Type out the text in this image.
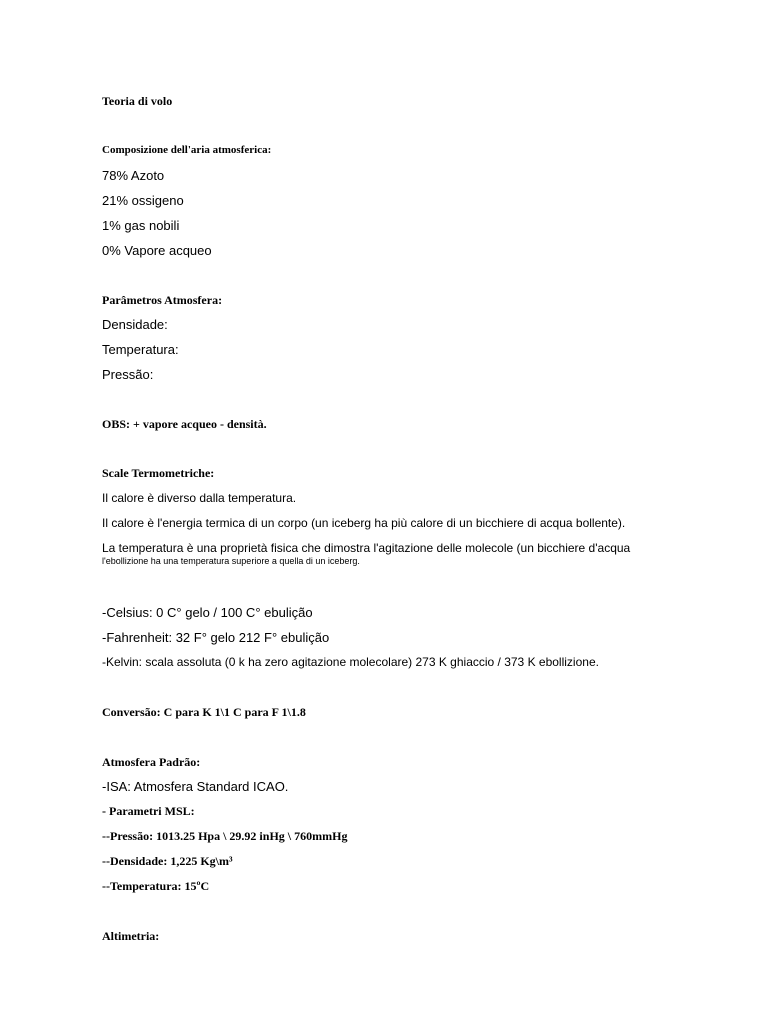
Teoria di volo
Composizione dell'aria atmosferica:
78% Azoto
21% ossigeno
1% gas nobili
0% Vapore acqueo
Parâmetros Atmosfera:
Densidade:
Temperatura:
Pressão:
OBS: + vapore acqueo - densità.
Scale Termometriche:
Il calore è diverso dalla temperatura.
Il calore è l'energia termica di un corpo (un iceberg ha più calore di un bicchiere di acqua bollente).
La temperatura è una proprietà fisica che dimostra l'agitazione delle molecole (un bicchiere d'acqua
l'ebollizione ha una temperatura superiore a quella di un iceberg.
-Celsius: 0 C° gelo / 100 C° ebulição
-Fahrenheit: 32 F° gelo 212 F° ebulição
-Kelvin: scala assoluta (0 k ha zero agitazione molecolare) 273 K ghiaccio / 373 K ebollizione.
Conversão: C para K 1\1 C para F 1\1.8
Atmosfera Padrão:
-ISA: Atmosfera Standard ICAO.
- Parametri MSL:
--Pressão: 1013.25 Hpa \ 29.92 inHg \ 760mmHg
--Densidade: 1,225 Kg\m³
--Temperatura: 15ºC
Altimetria:
